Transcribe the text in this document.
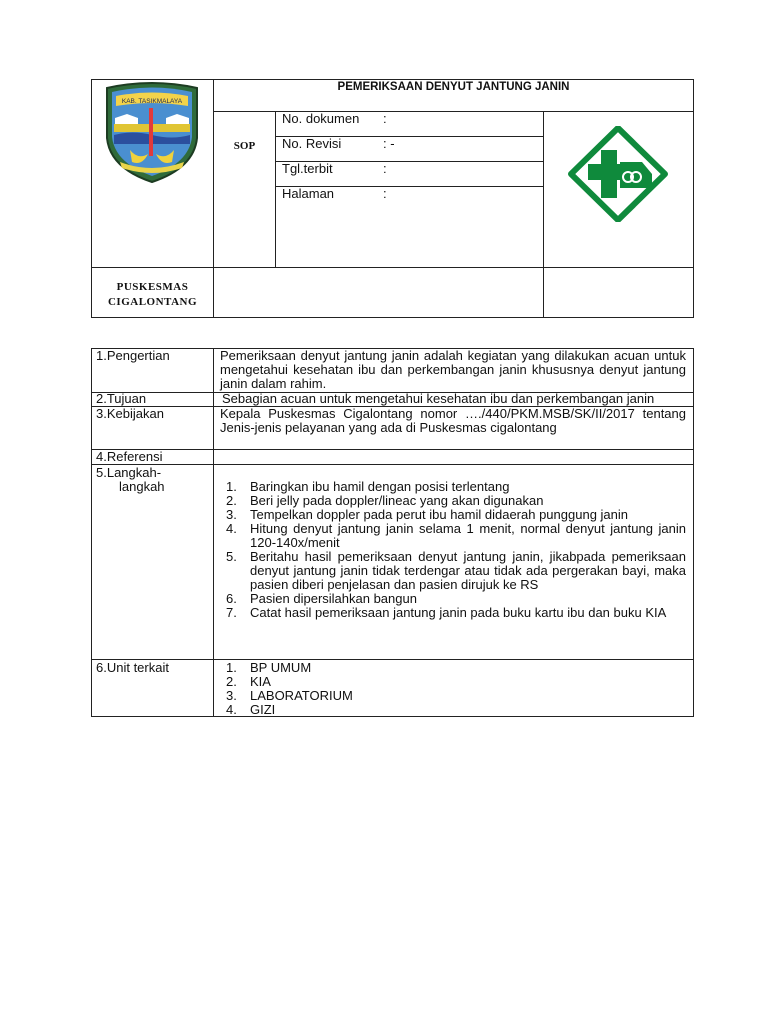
KAB. TASIKMALAYA
PEMERIKSAAN DENYUT JANTUNG JANIN
SOP
No. dokumen :
No. Revisi	: -
Tgl.terbit	:
Halaman	:
PUSKESMAS
CIGALONTANG
1.Pengertian	Pemeriksaan denyut jantung janin adalah kegiatan yang dilakukan acuan untuk mengetahui kesehatan ibu dan perkembangan janin khususnya denyut jantung janin dalam rahim.
2.Tujuan	Sebagian acuan untuk mengetahui kesehatan ibu dan perkembangan janin
3.Kebijakan	Kepala Puskesmas Cigalontang nomor …./440/PKM.MSB/SK/II/2017 tentang Jenis-jenis pelayanan yang ada di Puskesmas cigalontang
4.Referensi
5.Langkah-
langkah	1. Baringkan ibu hamil dengan posisi terlentang
2. Beri jelly pada doppler/lineac yang akan digunakan
3. Tempelkan doppler pada perut ibu hamil didaerah punggung janin
4. Hitung denyut jantung janin selama 1 menit, normal denyut jantung janin 120-140x/menit
5. Beritahu hasil pemeriksaan denyut jantung janin, jikabpada pemeriksaan denyut jantung janin tidak terdengar atau tidak ada pergerakan bayi, maka pasien diberi penjelasan dan pasien dirujuk ke RS
6. Pasien dipersilahkan bangun
7. Catat hasil pemeriksaan jantung janin pada buku kartu ibu dan buku KIA
6.Unit terkait	1. BP UMUM
2. KIA
3. LABORATORIUM
4. GIZI
